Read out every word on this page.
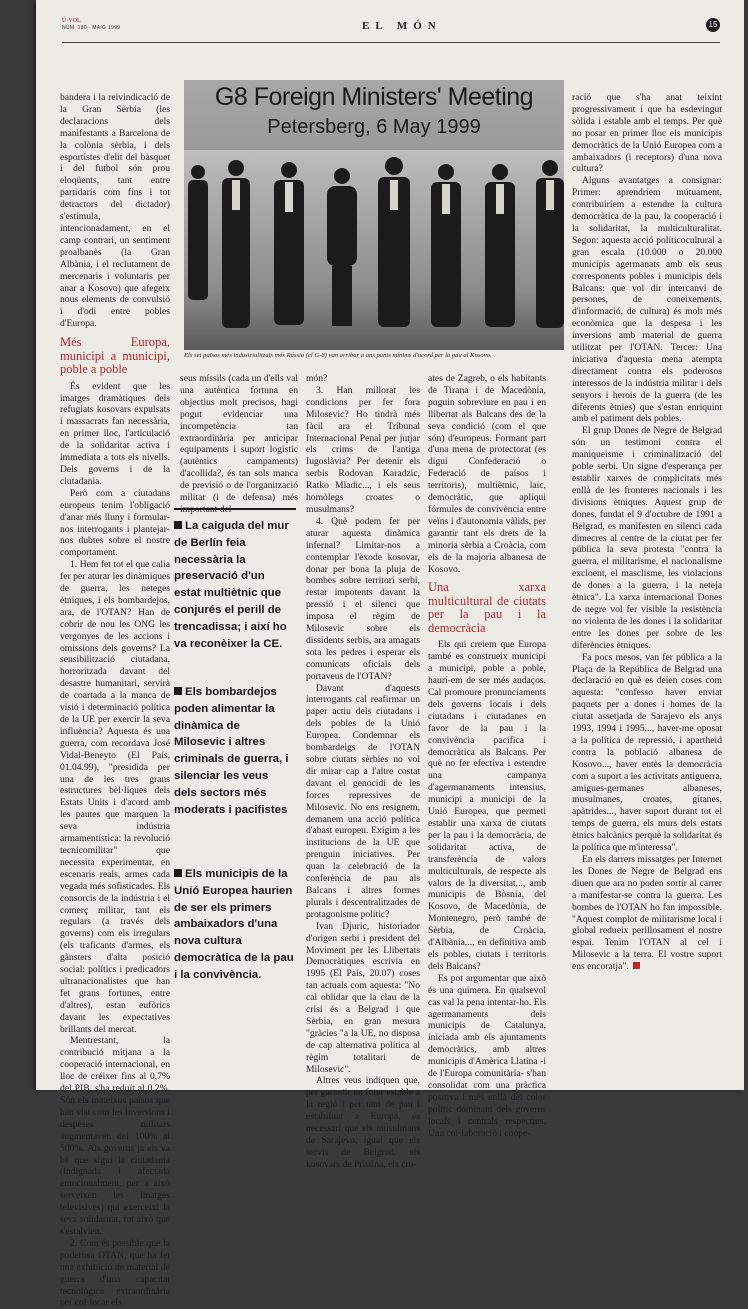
Ú·VOL
NÚM. 180 · MAIG 1999	EL MÓN	15

bandera i la reivindicació de la Gran Sèrbia (les declaracions dels manifestants a Barcelona de la colònia sèrbia, i dels esportistes d'elit del bàsquet i del futbol són prou eloqüents, tant entre partidaris com fins i tot detractors del dictador) s'estimula, intencionadament, en el camp contrari, un sentiment proalbanès (la Gran Albània, i el reclutament de mercenaris i voluntaris per anar a Kosovo) que afegeix nous elements de convulsió i d'odi entre pobles d'Europa.

Més Europa, municipi a municipi, poble a poble

És evident que les imatges dramàtiques dels refugiats kosovars expulsats i massacrats fan necessària, en primer lloc, l'articulació de la solidaritat activa i immediata a tots els nivells. Dels governs i de la ciutadania.

Però com a ciutadans europeus tenim l'obligació d'anar més lluny i formular-nos interrogants i plantejar-nos dubtes sobre el nostre comportament.

1. Hem fet tot el que calia fer per aturar les dinàmiques de guerra, les neteges ètniques, i els bombardejos, ara, de l'OTAN? Han de cobrir de nou les ONG les vergonyes de les accions i omissions dels governs? La sensibilització ciutadana, horroritzada davant del desastre humanitari, servirà de coartada a la manca de visió i determinació política de la UE per exercir la seva influència? Aquesta és una guerra, com recordava José Vidal-Beneyto (El País, 01.04.99), "presidida per una de les tres grans estructures bèl·liques dels Estats Units i d'acord amb les pautes que marquen la seva indústria armamentística: la revolució tecnicomilitar" que necessita experimentar, en escenaris reals, armes cada vegada més sofisticades. Els consorcis de la indústria i el comerç militar, tant els regulars (a través dels governs) com els irregulars (els traficants d'armes, els gànsters d'alta posició social: polítics i predicadors ultranacionalistes que han fet grans fortunes, entre d'altres), estan eufòrics davant les expectatives brillants del mercat.

Mentrestant, la contribució mitjana a la cooperació internacional, en lloc de créixer fins al 0,7% del PIB, s'ha reduït al 0,2%. Són els mateixos països que han vist com les inversions i despeses militars augmentaven del 100% al 500%. Als governs ja els va bé que sigui la ciutadania (indignada i afectada emocionalment, per a això serveixen les imatges televisives) qui exerceixi la seva solidaritat, tot això que s'estalvien.

2. Com és possible que la poderosa OTAN, que ha fet una exhibició de material de guerra d'una capacitat tecnològica extraordinària per col·locar els

G8 Foreign Ministers' Meeting
Petersberg, 6 May 1999
Els set països més industrialitzats més Rússia (el G-8) van arribar a uns punts mínims d'acord per la pau al Kosovo.

seus míssils (cada un d'ells val una autèntica fortuna en objectius molt precisos, hagi pogut evidenciar una incompetència tan extraordinària per anticipar equipaments i suport logístic (autèntics campaments) d'acollida?, és tan sols manca de previsió o de l'organització militar (i de defensa) més

La caiguda del mur de Berlín feia necessària la preservació d'un estat multiètnic que conjurés el perill de trencadissa; i així ho va reconèixer la CE.
Els bombardejos poden alimentar la dinàmica de Milosevic i altres criminals de guerra, i silenciar les veus dels sectors més moderats i pacifistes
Els municipis de la Unió Europea haurien de ser els primers ambaixadors d'una nova cultura democràtica de la pau i la convivència.

món?

3. Han millorat les condicions per fer fora Milosevic? Ho tindrà més fàcil ara el Tribunal Internacional Penal per jutjar els crims de l'antiga Iugoslàvia? Per detenir els serbis Rodovan Karadzic, Ratko Mladic..., i els seus homòlegs croates o musulmans?

4. Què podem fer per aturar aquesta dinàmica infernal? Limitar-nos a contemplar l'èxode kosovar, donar per bona la pluja de bombes sobre territori serbi, restar impotents davant la pressió i el silenci que imposa el règim de Milosevic sobre els dissidents serbis, ara amagats sota les pedres i esperar els comunicats oficials dels portaveus de l'OTAN?

Davant d'aquests interrogants cal reafirmar un paper actiu dels ciutadans i dels pobles de la Unió Europea. Condemnar els bombardeigs de l'OTAN sobre ciutats sèrbies no vol dir mirar cap a l'altre costat davant el genocidi de les forces repressives de Milosevic. No ens resignem, demanem una acció política d'abast europeu. Exigim a les institucions de la UE que prenguin iniciatives. Per quan la celebració de la conferència de pau als Balcans i altres formes plurals i descentralitzades de protagonisme polític?

Ivan Djuric, historiador d'origen serbi i president del Moviment per les Llibertats Democràtiques escrivia en 1995 (El País, 20.07) coses tan actuals com aquesta: "No cal oblidar que la clau de la crisi és a Belgrad i que Sèrbia, en gran mesura "gràcies "a la UE, no disposa de cap alternativa política al règim totalitari de Milosevic".

Altres veus indiquen que, per garantir un futur estable a la regió i per tant de pau i estabilitat a Europa, és necessari que els musulmans de Sarajevo, igual que els servis de Belgrad, els kosovars de Pristina, els cro-

ates de Zagreb, o els habitants de Tirana i de Macedònia, puguin sobreviure en pau i en llibertat als Balcans des de la seva condició (com el que són) d'europeus. Formant part d'una mena de protectorat (es digui Confederació o Federació de països i territoris), multiètnic, laic, democràtic, que apliqui fórmules de convivència entre veïns i d'autonomia vàlids, per garantir tant els drets de la minoria sèrbia a Croàcia, com els de la majoria albanesa de Kosovo.

Una xarxa multicultural de ciutats per la pau i la democràcia

Els qui creiem que Europa també es construeix municipi a municipi, poble a poble, haurí-em de ser més audaços. Cal promoure pronunciaments dels governs locals i dels ciutadans i ciutadanes en favor de la pau i la convivència pacífica i democràtica als Balcans. Per què no fer efectiva i estendre una campanya d'agermanaments intensius, municipi a municipi de la Unió Europea, que permeti establir una xarxa de ciutats per la pau i la democràcia, de solidaritat activa, de transferència de valors multiculturals, de respecte als valors de la diversitat..., amb municipis de Bòsnia, del Kosovo, de Macedònia, de Montenegro, però també de Sèrbia, de Croàcia, d'Albània..., en definitiva amb els pobles, ciutats i territoris dels Balcans?

Es pot argumentar que això és una quimera. En qualsevol cas val la pena intentar-ho. Els agermanaments dels municipis de Catalunya, iniciada amb els ajuntaments democràtics, amb altres municipis d'Amèrica Llatina -i de l'Europa comunitària- s'han consolidat com una pràctica positiva i més enllà del color polític dominant dels governs locals i centrals respectius. Una col·laboració i coope-

ració que s'ha anat teixint progressivament i que ha esdevingut sòlida i estable amb el temps. Per què no posar en primer lloc els municipis democràtics de la Unió Europea com a ambaixadors (i receptors) d'una nova cultura?

Alguns avantatges a consignar: Primer: aprendríem mútuament, contribuiríem a estendre la cultura democràtica de la pau, la cooperació i la solidaritat, la multiculturalitat. Segon: aquesta acció políticocultural a gran escala (10.000 o 20.000 municipis agermanats amb els seus corresponents pobles i municipis dels Balcans: que vol dir intercanvi de persones, de coneixements, d'informació, de cultura) és molt més econòmica que la despesa i les inversions amb material de guerra utilitzat per l'OTAN. Tercer: Una iniciativa d'aquesta mena atempta directament contra els poderosos interessos de la indústria militar i dels senyors i herois de la guerra (de les diferents ètnies) que s'estan enriquint amb el patiment dels pobles.

El grup Dones de Negre de Belgrad són un testimoni contra el maniqueisme i criminalització del poble serbi. Un signe d'esperança per establir xarxes de complicitats més enllà de les fronteres nacionals i les divisions ètniques. Aquest grup de dones, fundat el 9 d'octubre de 1991 a Belgrad, es manifesten en silenci cada dimecres al centre de la ciutat per fer pública la seva protesta "contra la guerra, el militarisme, el nacionalisme excloent, el masclisme, les violacions de dones a la guerra, i la neteja ètnica". La xarxa internacional Dones de negre vol fer visible la resistència no violenta de les dones i la solidaritat entre les dones per sobre de les diferències ètniques.

Fa pocs mesos, van fer pública a la Plaça de la República de Belgrad una declaració en què es deien coses com aquesta: "confesso haver enviat paquets per a dones i homes de la ciutat assetjada de Sarajevo els anys 1993, 1994 i 1995..., haver-me oposat a la política de repressió, i apartheid contra la població albanesa de Kosovo..., haver entès la democràcia com a suport a les activitats antiguerra, amigues-germanes albaneses, musulmanes, croates, gitanes, apàtrides..., haver suport durant tot el temps de guerra, els murs dels estats ètnics balcànics perquè la solidaritat és la política que m'interessa".

En els darrers missatges per Internet les Dones de Negre de Belgrad ens diuen que ara no poden sortir al carrer a manifestar-se contra la guerra. Les bombes de l'OTAN ho fan impossible. "Aquest complot de militarisme local i global redueix perillosament el nostre espai. Tenim l'OTAN al cel i Milosevic a la terra. El vostre suport ens encoratja".
